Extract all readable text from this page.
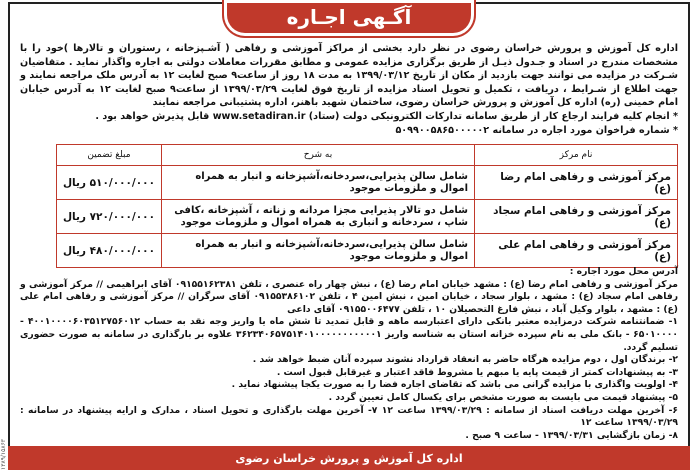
۱۳۸۹/۱۵۸۶۳
آگـهی اجـاره

اداره کل آموزش و پرورش خراسان رضوی در نظر دارد بخشی از مراکز آموزشی و رفاهی ( آشـپزخانه ، رستوران و تالارها )خود را با مشخصات مندرج در اسناد و جـدول ذیـل از طریق برگزاری مزایده عمومی و مطابق مقررات معاملات دولتی به اجاره واگذار نماید . متقاضیان شـرکت در مزایده می توانند جهت بازدید از مکان از تاریخ ۱۳۹۹/۰۳/۱۲ به مدت ۱۸ روز از ساعت۹ صبح لغایت ۱۲ به آدرس ملک مراجعه نمایند و جهت اطلاع از شـرایط ، دریافت ، تکمیل و تحویل اسناد مزایده از تاریخ فوق لغایت ۱۳۹۹/۰۳/۲۹ از ساعت۹ صبح لغایت ۱۲ به آدرس خیابان امام خمینی (ره) اداره کل آموزش و پرورش خراسان رضوی، ساختمان شهید باهنر، اداره پشتیبانی مراجعه نمایند

* انجام کلیه فرایند ارجاع کار از طریق سامانه تدارکات الکترونیکی دولت (ستاد) www.setadiran.ir قابل پذیرش خواهد بود .
* شماره فراخوان مورد اجاره در سامانه ۵۰۹۹۰۰۵۸۶۵۰۰۰۰۰۲
نام مرکز	به شرح	مبلغ تضمین
مرکز آموزشی و رفاهی امام رضا (ع)	شامل سالن پذیرایی،سردخانه،آشپزخانه و انبار به همراه اموال و ملزومات موجود	۵۱۰/۰۰۰/۰۰۰ ریال
مرکز آموزشی و رفاهی امام سجاد (ع)	شامل دو تالار پذیرایی مجزا مردانه و زنانه ، آشپزخانه ،کافی شاپ ، سردخانه و انباری به همراه اموال و ملزومات موجود	۷۲۰/۰۰۰/۰۰۰ ریال
مرکز آموزشی و رفاهی امام علی (ع)	شامل سالن پذیرایی،سردخانه،آشپزخانه و انبار به همراه اموال و ملزومات موجود	۴۸۰/۰۰۰/۰۰۰ ریال

آدرس محل مورد اجاره :

مرکز آموزشی و رفاهی امام رضا (ع) : مشهد خیابان امام رضا (ع) ، نبش چهار راه عنصری ، تلفن ۰۹۱۵۵۱۶۲۳۸۱ آقای ابراهیمی // مرکز آموزشی و رفاهی امام سجاد (ع) : مشهد ، بلوار سجاد ، خیابان امین ، نبش امین ۴ ، تلفن ۰۹۱۵۵۳۸۶۱۰۲ آقای سرگران // مرکز آموزشی و رفاهی امام علی (ع) : مشهد ، بلوار وکیل آباد ، نبش فارغ التحصیلان ۱۰ ، تلفن ۰۹۱۵۵۰۰۶۴۷۷ آقای داعی

۱- ضمانتنامه شرکت درمزایده معتبر بانکی دارای اعتبارسه ماهه و قابل تمدید تا شش ماه یا واریز وجه نقد به حساب ۴۰۰۱۰۰۰۰۶۰۳۵۱۲۷۵۶۰۱۲ - ۶۵۰۱۰۰۰۰ - بانک ملی به نام سپرده خزانه استان به شناسه واریز ۳۶۲۳۴۰۶۵۷۵۱۴۰۱۰۰۰۰۰۰۰۰۰۰۰۱ علاوه بر بارگذاری در سامانه به صورت حضوری تسلیم گردد.

۲- برندگان اول ، دوم مزایده هرگاه حاضر به انعقاد قرارداد نشوند سپرده آنان ضبط خواهد شد .

۳- به پیشنهادات کمتر از قیمت پایه یا مبهم یا مشروط فاقد اعتبار و غیرقابل قبول است .

۴- اولویت واگذاری با مزایده گرانی می باشد که تقاضای اجاره فضا را به صورت یکجا پیشنهاد نماید .

۵- پیشنهاد قیمت می بایست به صورت مشخص برای یکسال کامل تعیین گردد .

۶- آخرین مهلت دریافت اسناد از سامانه : ۱۳۹۹/۰۳/۲۹ ساعت ۱۲ ۷- آخرین مهلت بارگذاری و تحویل اسناد ، مدارک و ارایه پیشنهاد در سامانه : ۱۳۹۹/۰۳/۲۹ ساعت ۱۲

۸- زمان بازگشایی ۱۳۹۹/۰۳/۳۱ - ساعت ۹ صبح .

اداره کل آموزش و پرورش خراسان رضوی
